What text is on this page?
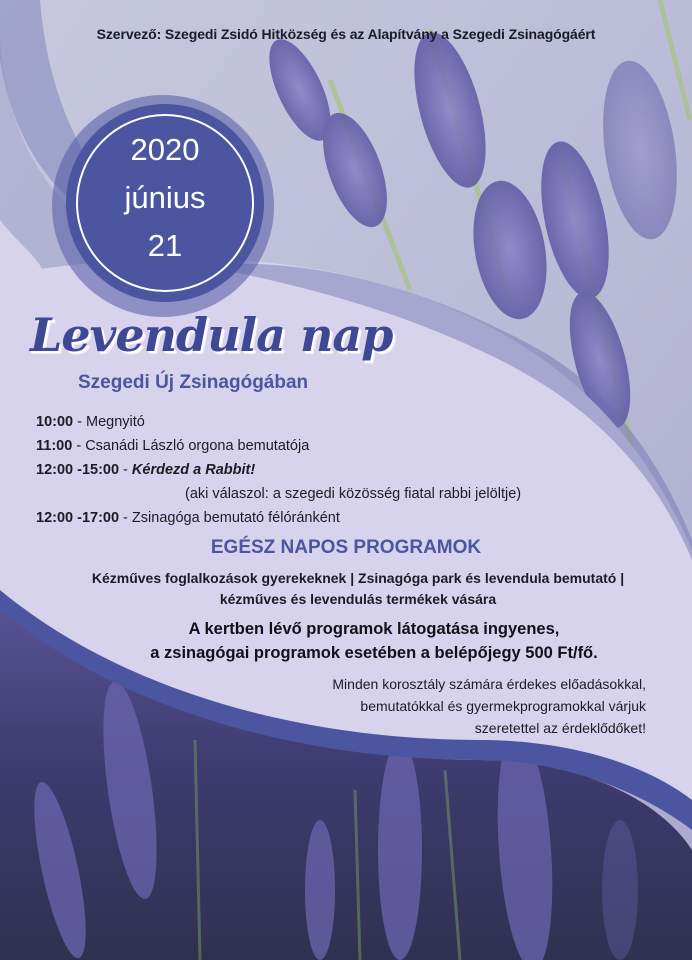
Szervező: Szegedi Zsidó Hitközség és az Alapítvány a Szegedi Zsinagógáért
2020
június
21
Levendula nap
Szegedi Új Zsinagógában
10:00 - Megnyitó
11:00 - Csanádi László orgona bemutatója
12:00 -15:00 - Kérdezd a Rabbit!
(aki válaszol: a szegedi közösség fiatal rabbi jelöltje)
12:00 -17:00 - Zsinagóga bemutató félóránként
EGÉSZ NAPOS PROGRAMOK
Kézműves foglalkozások gyerekeknek | Zsinagóga park és levendula bemutató |
kézműves és levendulás termékek vására
A kertben lévő programok látogatása ingyenes,
a zsinagógai programok esetében a belépőjegy 500 Ft/fő.
Minden korosztály számára érdekes előadásokkal,
bemutatókkal és gyermekprogramokkal várjuk
szeretettel az érdeklődőket!
